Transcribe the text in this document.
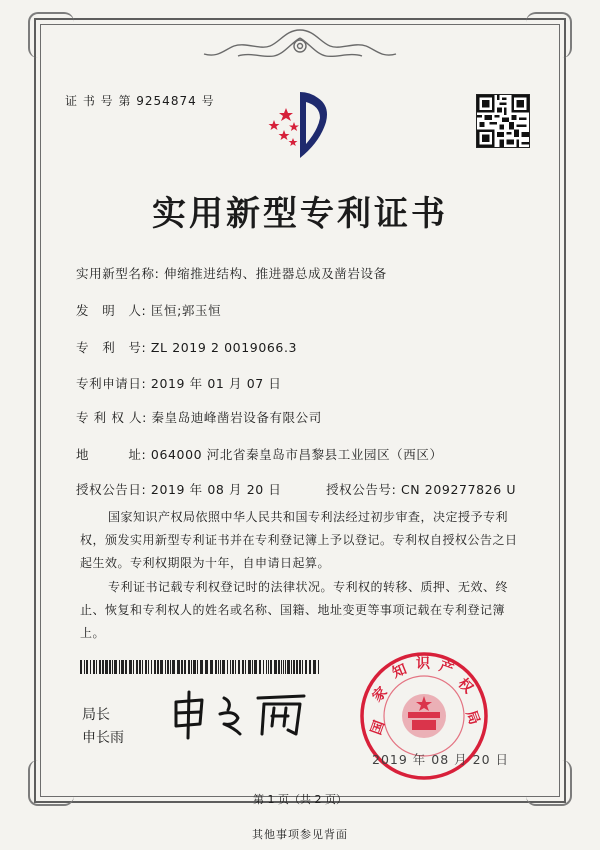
证 书 号 第 9254874 号
实用新型专利证书
实用新型名称: 伸缩推进结构、推进器总成及凿岩设备
发　明　人: 匡恒;郭玉恒
专　利　号: ZL 2019 2 0019066.3
专利申请日: 2019 年 01 月 07 日
专 利 权 人: 秦皇岛迪峰凿岩设备有限公司
地　　　址: 064000 河北省秦皇岛市昌黎县工业园区（西区）
授权公告日: 2019 年 08 月 20 日	授权公告号: CN 209277826 U
国家知识产权局依照中华人民共和国专利法经过初步审查，决定授予专利权，颁发实用新型专利证书并在专利登记簿上予以登记。专利权自授权公告之日起生效。专利权期限为十年，自申请日起算。
专利证书记载专利权登记时的法律状况。专利权的转移、质押、无效、终止、恢复和专利权人的姓名或名称、国籍、地址变更等事项记载在专利登记簿上。
局长
申长雨
国
家
知 识 产
权
局
2019 年 08 月 20 日
第 1 页（共 2 页）
其他事项参见背面
